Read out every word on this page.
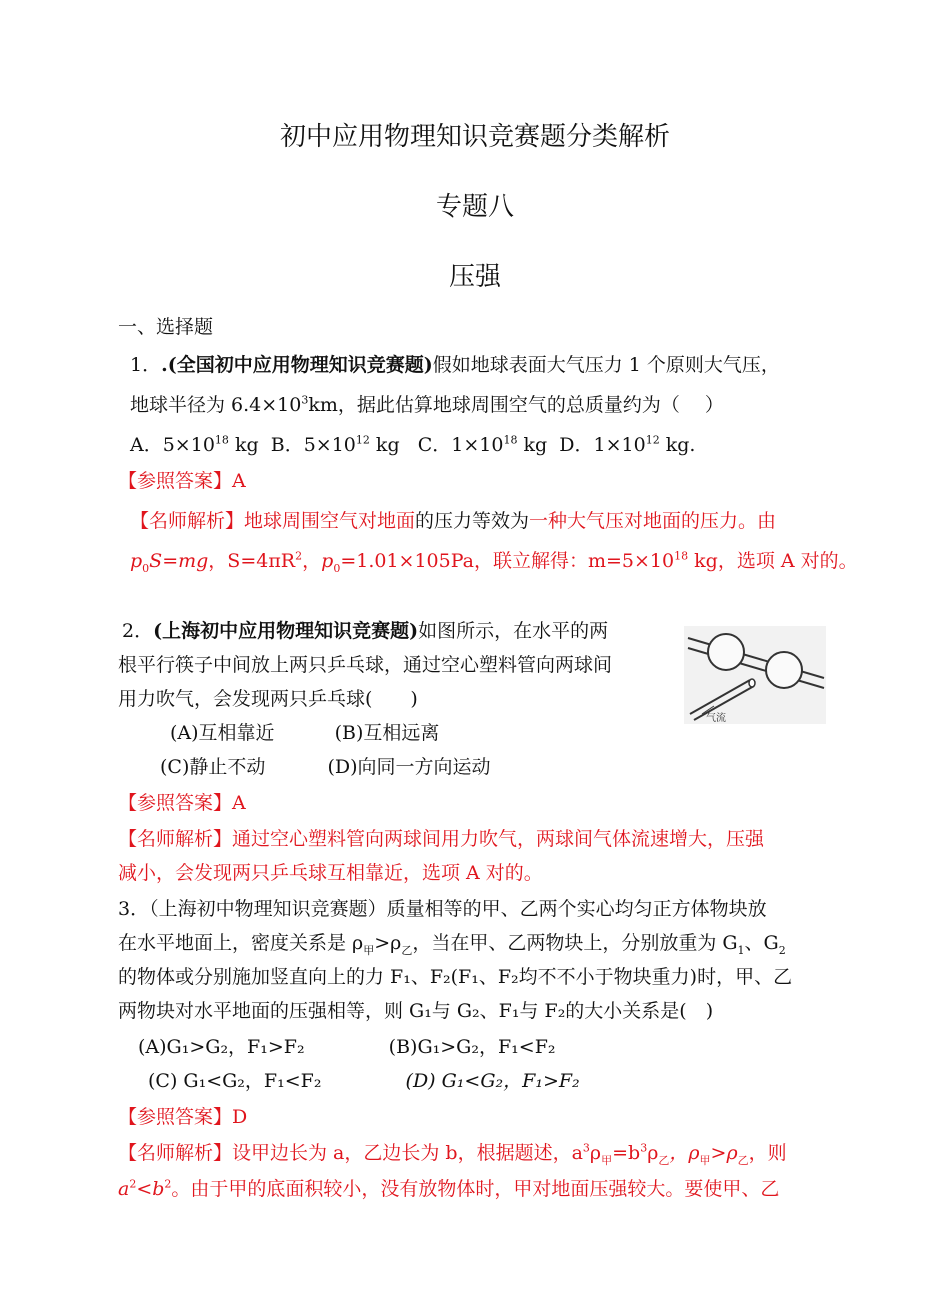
初中应用物理知识竞赛题分类解析
专题八
压强
一、选择题
1．.(全国初中应用物理知识竞赛题)假如地球表面大气压力 1 个原则大气压，
地球半径为 $6.4\times 10^3km$，据此估算地球周围空气的总质量约为（　 ）
A．$5\times 10^{18}$ kg B．$5\times 10^{12}$ kg C．$1\times 10^{18}$ kg D．$1\times 10^{12}$ kg.
【参照答案】A
【名师解析】地球周围空气对地面的压力等效为一种大气压对地面的压力。由
$p_0S=mg$，$S=4\pi R^2$，$p_0=1.01\times 105Pa$，联立解得：$m=5\times 10^{18}$ kg，选项 A 对的。
2．(上海初中应用物理知识竞赛题)如图所示，在水平的两
根平行筷子中间放上两只乒乓球，通过空心塑料管向两球间
用力吹气，会发现两只乒乓球(　　)
气流
(A)互相靠近	(B)互相远离
(C)静止不动	(D)向同一方向运动
【参照答案】A
【名师解析】通过空心塑料管向两球间用力吹气，两球间气体流速增大，压强
减小，会发现两只乒乓球互相靠近，选项 A 对的。
3．（上海初中物理知识竞赛题）质量相等的甲、乙两个实心均匀正方体物块放
在水平地面上，密度关系是 $\rho_甲>\rho_乙$，当在甲、乙两物块上，分别放重为 $G_1$、$G_2$
的物体或分别施加竖直向上的力 F₁、F₂(F₁、F₂均不不小于物块重力)时，甲、乙
两物块对水平地面的压强相等，则 G₁与 G₂、F₁与 F₂的大小关系是(　)
(A)G₁>G₂，F₁>F₂	(B)G₁>G₂，F₁<F₂
(C) G₁<G₂，F₁<F₂	(D) G₁<G₂，F₁>F₂
【参照答案】D
【名师解析】设甲边长为 a，乙边长为 b，根据题述，$a^3\rho_甲=b^3\rho_乙$，$\rho_甲>\rho_乙$，则
$a^2<b^2$。由于甲的底面积较小，没有放物体时，甲对地面压强较大。要使甲、乙
